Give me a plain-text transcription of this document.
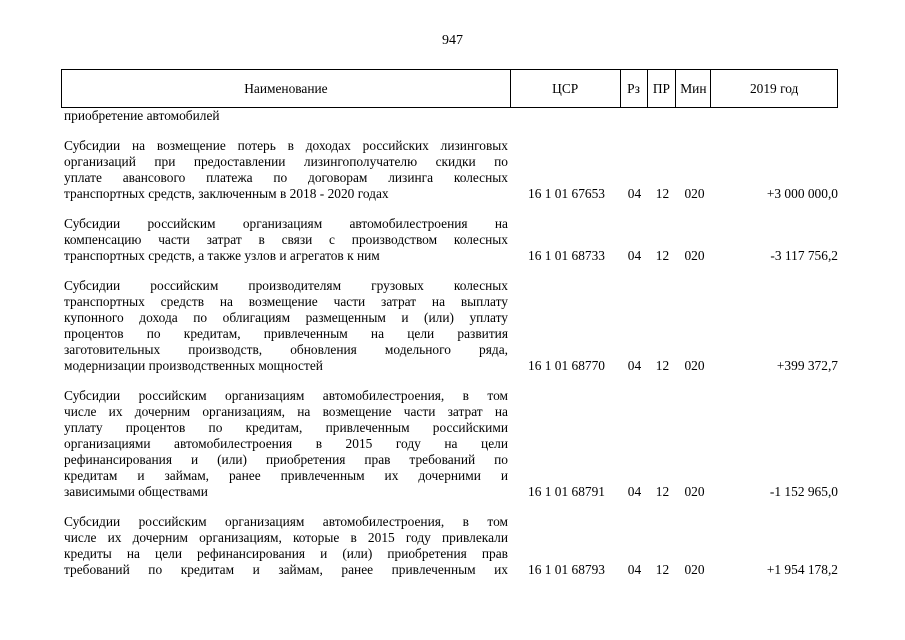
947
Наименование	ЦСР	Рз ПР Мин	2019 год
приобретение автомобилей
Субсидии на возмещение потерь в доходах российских лизинговых
организаций при предоставлении лизингополучателю скидки по
уплате авансового платежа по договорам лизинга колесных
транспортных средств, заключенным в 2018 - 2020 годах	16 1 01 67653	04	12	020	+3 000 000,0
Субсидии российским организациям автомобилестроения на
компенсацию части затрат в связи с производством колесных
транспортных средств, а также узлов и агрегатов к ним	16 1 01 68733	04	12	020	-3 117 756,2
Субсидии российским производителям грузовых колесных
транспортных средств на возмещение части затрат на выплату
купонного дохода по облигациям размещенным и (или) уплату
процентов по кредитам, привлеченным на цели развития
заготовительных производств, обновления модельного ряда,
модернизации производственных мощностей	16 1 01 68770	04	12	020	+399 372,7
Субсидии российским организациям автомобилестроения, в том
числе их дочерним организациям, на возмещение части затрат на
уплату процентов по кредитам, привлеченным российскими
организациями автомобилестроения в 2015 году на цели
рефинансирования и (или) приобретения прав требований по
кредитам и займам, ранее привлеченным их дочерними и
зависимыми обществами	16 1 01 68791	04	12	020	-1 152 965,0
Субсидии российским организациям автомобилестроения, в том
числе их дочерним организациям, которые в 2015 году привлекали
кредиты на цели рефинансирования и (или) приобретения прав
требований по кредитам и займам, ранее привлеченным их	16 1 01 68793	04	12	020	+1 954 178,2
